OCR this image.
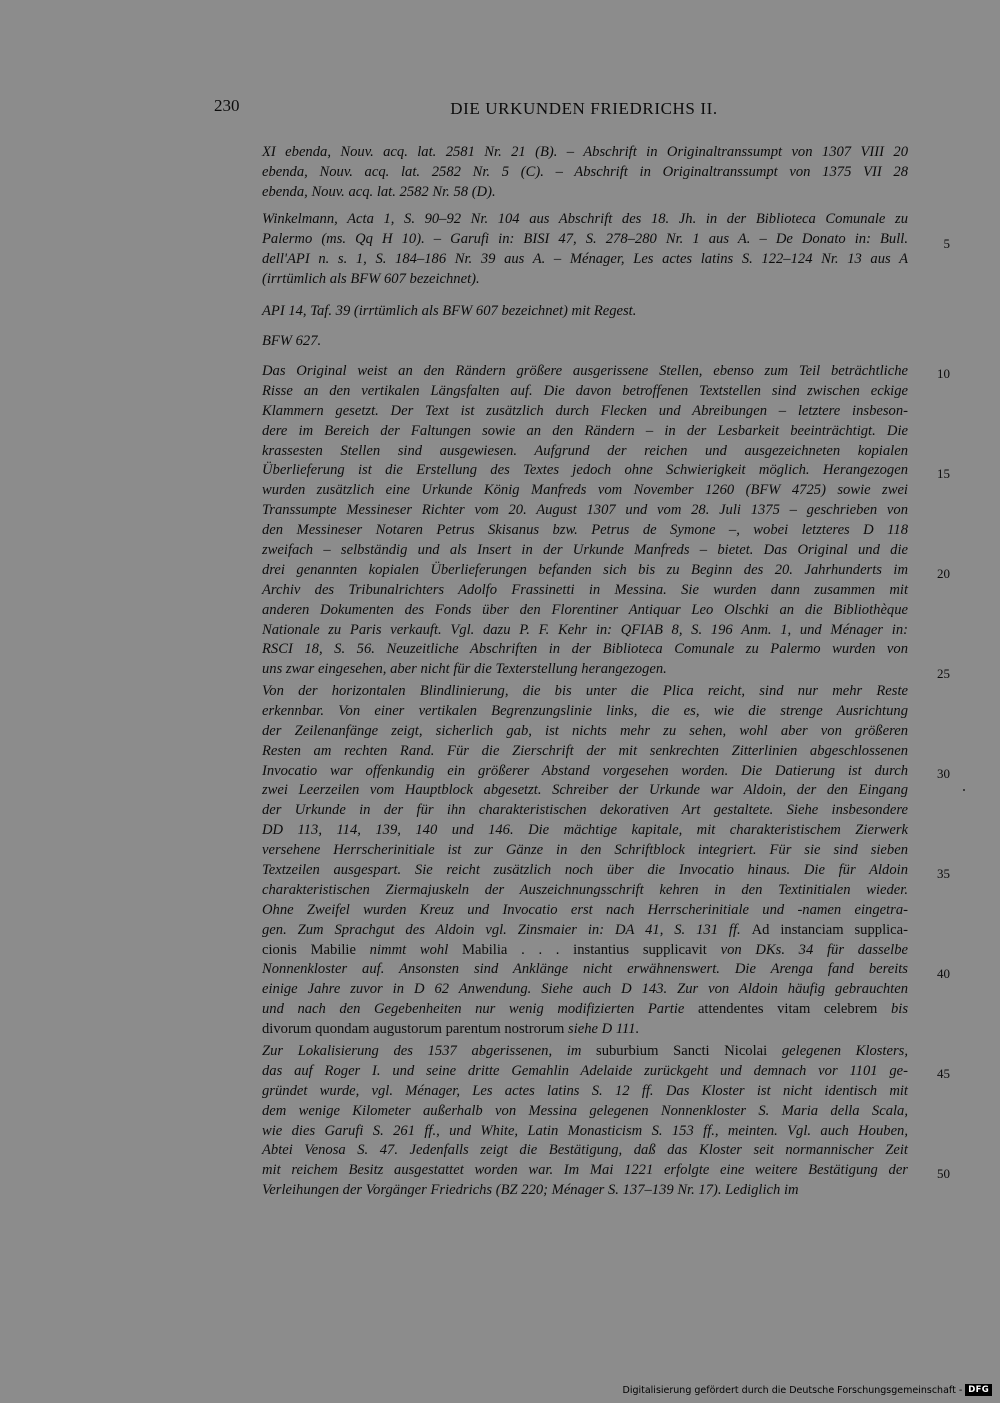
230	DIE URKUNDEN FRIEDRICHS II.
XI ebenda, Nouv. acq. lat. 2581 Nr. 21 (B). – Abschrift in Originaltranssumpt von 1307 VIII 20
ebenda, Nouv. acq. lat. 2582 Nr. 5 (C). – Abschrift in Originaltranssumpt von 1375 VII 28
ebenda, Nouv. acq. lat. 2582 Nr. 58 (D).
Winkelmann, Acta 1, S. 90–92 Nr. 104 aus Abschrift des 18. Jh. in der Biblioteca Comunale zu
Palermo (ms. Qq H 10). – Garufi in: BISI 47, S. 278–280 Nr. 1 aus A. – De Donato in: Bull.
dell'API n. s. 1, S. 184–186 Nr. 39 aus A. – Ménager, Les actes latins S. 122–124 Nr. 13 aus A
(irrtümlich als BFW 607 bezeichnet).
API 14, Taf. 39 (irrtümlich als BFW 607 bezeichnet) mit Regest.
BFW 627.
Das Original weist an den Rändern größere ausgerissene Stellen, ebenso zum Teil beträchtliche
Risse an den vertikalen Längsfalten auf. Die davon betroffenen Textstellen sind zwischen eckige
Klammern gesetzt. Der Text ist zusätzlich durch Flecken und Abreibungen – letztere insbeson-
dere im Bereich der Faltungen sowie an den Rändern – in der Lesbarkeit beeinträchtigt. Die
krassesten Stellen sind ausgewiesen. Aufgrund der reichen und ausgezeichneten kopialen
Überlieferung ist die Erstellung des Textes jedoch ohne Schwierigkeit möglich. Herangezogen
wurden zusätzlich eine Urkunde König Manfreds vom November 1260 (BFW 4725) sowie zwei
Transsumpte Messineser Richter vom 20. August 1307 und vom 28. Juli 1375 – geschrieben von
den Messineser Notaren Petrus Skisanus bzw. Petrus de Symone –, wobei letzteres D 118
zweifach – selbständig und als Insert in der Urkunde Manfreds – bietet. Das Original und die
drei genannten kopialen Überlieferungen befanden sich bis zu Beginn des 20. Jahrhunderts im
Archiv des Tribunalrichters Adolfo Frassinetti in Messina. Sie wurden dann zusammen mit
anderen Dokumenten des Fonds über den Florentiner Antiquar Leo Olschki an die Bibliothèque
Nationale zu Paris verkauft. Vgl. dazu P. F. Kehr in: QFIAB 8, S. 196 Anm. 1, und Ménager in:
RSCI 18, S. 56. Neuzeitliche Abschriften in der Biblioteca Comunale zu Palermo wurden von
uns zwar eingesehen, aber nicht für die Texterstellung herangezogen.
Von der horizontalen Blindlinierung, die bis unter die Plica reicht, sind nur mehr Reste
erkennbar. Von einer vertikalen Begrenzungslinie links, die es, wie die strenge Ausrichtung
der Zeilenanfänge zeigt, sicherlich gab, ist nichts mehr zu sehen, wohl aber von größeren
Resten am rechten Rand. Für die Zierschrift der mit senkrechten Zitterlinien abgeschlossenen
Invocatio war offenkundig ein größerer Abstand vorgesehen worden. Die Datierung ist durch
zwei Leerzeilen vom Hauptblock abgesetzt. Schreiber der Urkunde war Aldoin, der den Eingang
der Urkunde in der für ihn charakteristischen dekorativen Art gestaltete. Siehe insbesondere
DD 113, 114, 139, 140 und 146. Die mächtige kapitale, mit charakteristischem Zierwerk
versehene Herrscherinitiale ist zur Gänze in den Schriftblock integriert. Für sie sind sieben
Textzeilen ausgespart. Sie reicht zusätzlich noch über die Invocatio hinaus. Die für Aldoin
charakteristischen Ziermajuskeln der Auszeichnungsschrift kehren in den Textinitialen wieder.
Ohne Zweifel wurden Kreuz und Invocatio erst nach Herrscherinitiale und -namen eingetra-
gen. Zum Sprachgut des Aldoin vgl. Zinsmaier in: DA 41, S. 131 ff. Ad instanciam supplica-
cionis Mabilie nimmt wohl Mabilia . . . instantius supplicavit von DKs. 34 für dasselbe
Nonnenkloster auf. Ansonsten sind Anklänge nicht erwähnenswert. Die Arenga fand bereits
einige Jahre zuvor in D 62 Anwendung. Siehe auch D 143. Zur von Aldoin häufig gebrauchten
und nach den Gegebenheiten nur wenig modifizierten Partie attendentes vitam celebrem bis
divorum quondam augustorum parentum nostrorum siehe D 111.
Zur Lokalisierung des 1537 abgerissenen, im suburbium Sancti Nicolai gelegenen Klosters,
das auf Roger I. und seine dritte Gemahlin Adelaide zurückgeht und demnach vor 1101 ge-
gründet wurde, vgl. Ménager, Les actes latins S. 12 ff. Das Kloster ist nicht identisch mit
dem wenige Kilometer außerhalb von Messina gelegenen Nonnenkloster S. Maria della Scala,
wie dies Garufi S. 261 ff., und White, Latin Monasticism S. 153 ff., meinten. Vgl. auch Houben,
Abtei Venosa S. 47. Jedenfalls zeigt die Bestätigung, daß das Kloster seit normannischer Zeit
mit reichem Besitz ausgestattet worden war. Im Mai 1221 erfolgte eine weitere Bestätigung der
Verleihungen der Vorgänger Friedrichs (BZ 220; Ménager S. 137–139 Nr. 17). Lediglich im
5
10
15
20
25
30
35
40
45
50
Digitalisierung gefördert durch die Deutsche Forschungsgemeinschaft - DFG
